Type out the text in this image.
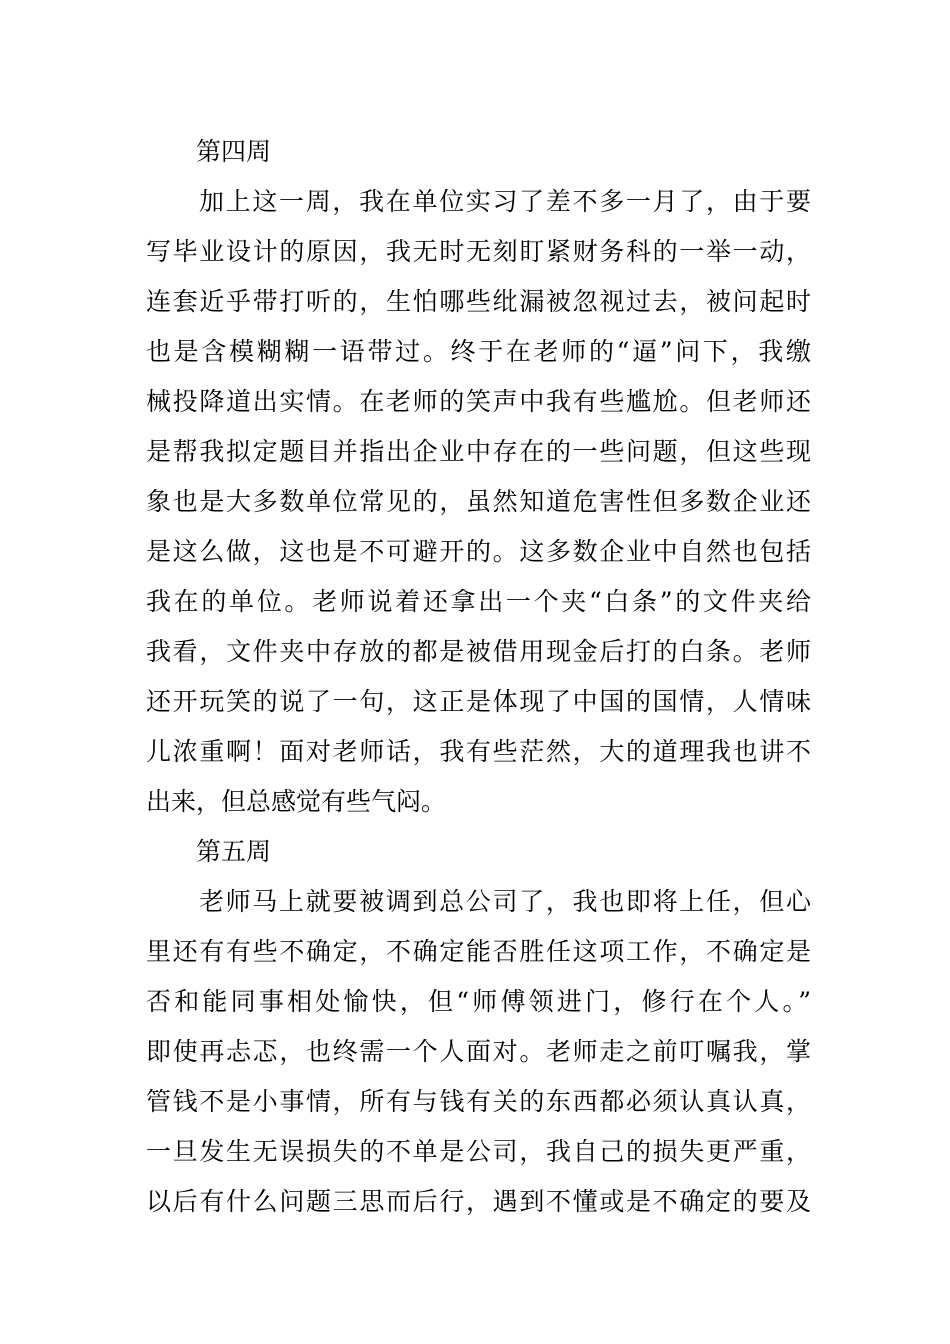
第四周
加上这一周，我在单位实习了差不多一月了，由于要
写毕业设计的原因，我无时无刻盯紧财务科的一举一动，
连套近乎带打听的，生怕哪些纰漏被忽视过去，被问起时
也是含模糊糊一语带过。终于在老师的“逼”问下，我缴
械投降道出实情。在老师的笑声中我有些尴尬。但老师还
是帮我拟定题目并指出企业中存在的一些问题，但这些现
象也是大多数单位常见的，虽然知道危害性但多数企业还
是这么做，这也是不可避开的。这多数企业中自然也包括
我在的单位。老师说着还拿出一个夹“白条”的文件夹给
我看，文件夹中存放的都是被借用现金后打的白条。老师
还开玩笑的说了一句，这正是体现了中国的国情，人情味
儿浓重啊！面对老师话，我有些茫然，大的道理我也讲不
出来，但总感觉有些气闷。
第五周
老师马上就要被调到总公司了，我也即将上任，但心
里还有有些不确定，不确定能否胜任这项工作，不确定是
否和能同事相处愉快，但“师傅领进门，修行在个人。”
即使再忐忑，也终需一个人面对。老师走之前叮嘱我，掌
管钱不是小事情，所有与钱有关的东西都必须认真认真，
一旦发生无误损失的不单是公司，我自己的损失更严重，
以后有什么问题三思而后行，遇到不懂或是不确定的要及
